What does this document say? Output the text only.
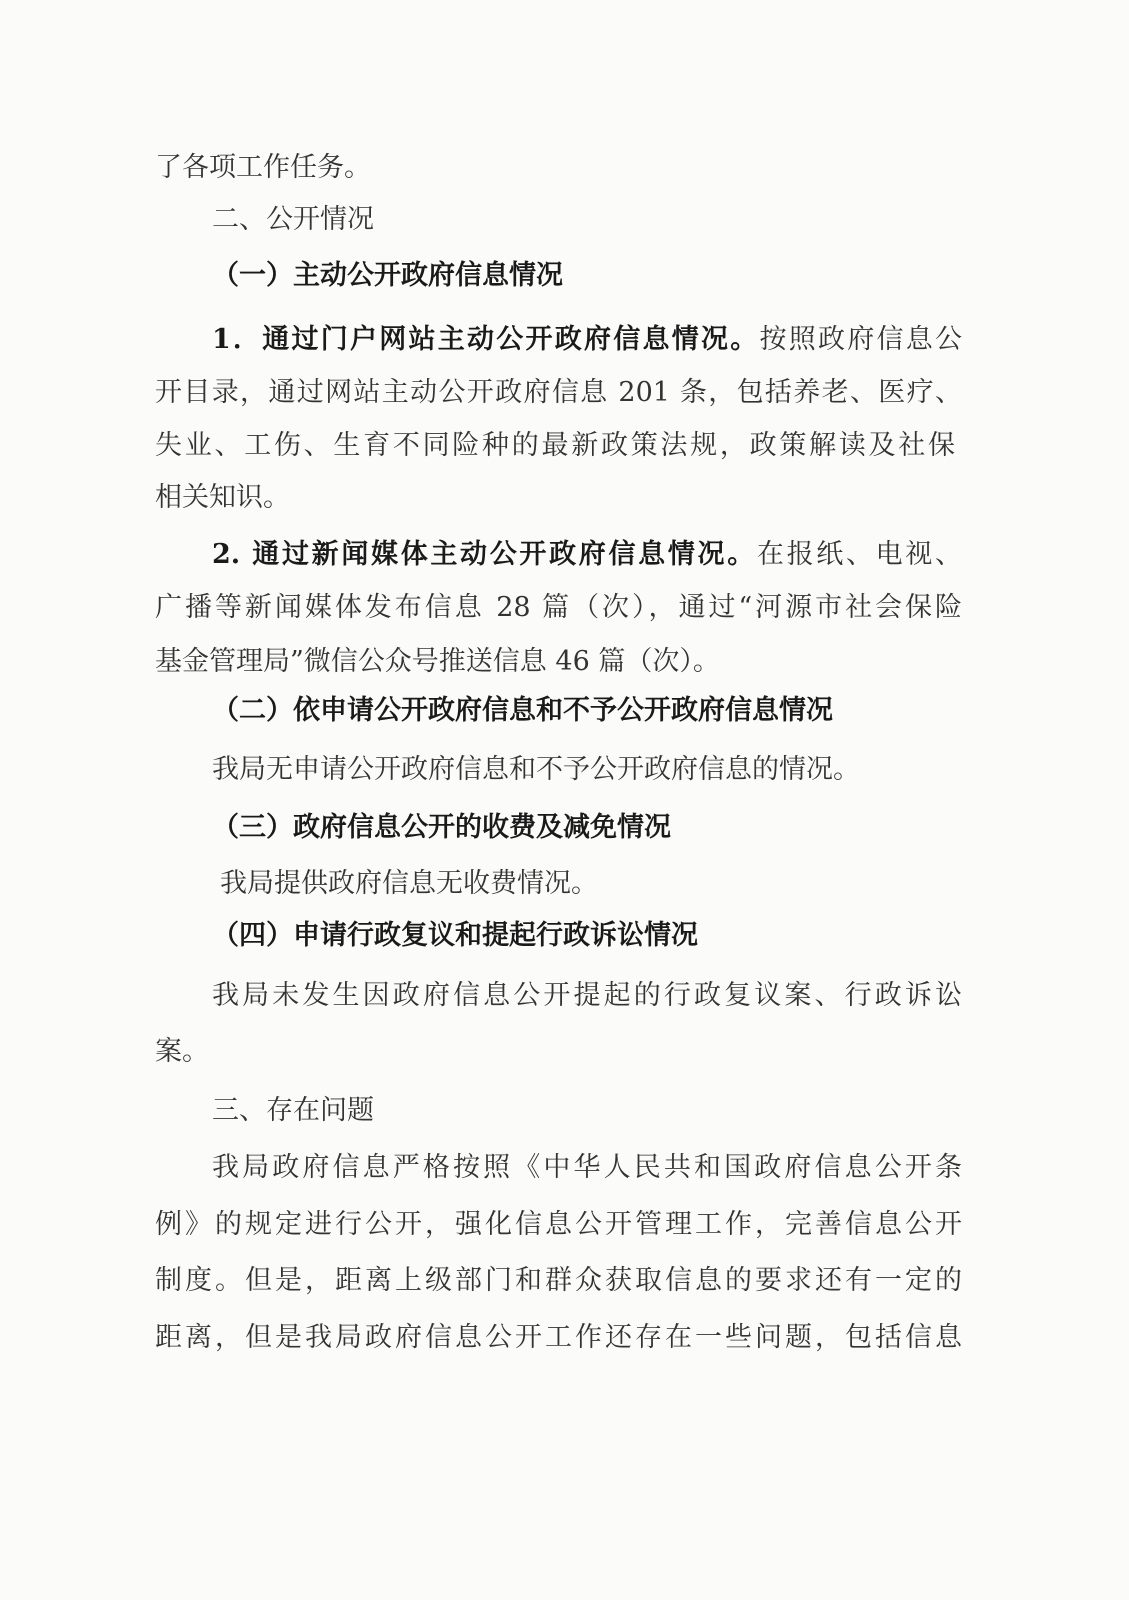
了各项工作任务。
二、公开情况
（一）主动公开政府信息情况
1．通过门户网站主动公开政府信息情况。按照政府信息公
开目录，通过网站主动公开政府信息 201 条，包括养老、医疗、
失业、工伤、生育不同险种的最新政策法规，政策解读及社保
相关知识。
2. 通过新闻媒体主动公开政府信息情况。在报纸、电视、
广播等新闻媒体发布信息 28 篇（次），通过“河源市社会保险
基金管理局”微信公众号推送信息 46 篇（次）。
（二）依申请公开政府信息和不予公开政府信息情况
我局无申请公开政府信息和不予公开政府信息的情况。
（三）政府信息公开的收费及减免情况
我局提供政府信息无收费情况。
（四）申请行政复议和提起行政诉讼情况
我局未发生因政府信息公开提起的行政复议案、行政诉讼
案。
三、存在问题
我局政府信息严格按照《中华人民共和国政府信息公开条
例》的规定进行公开，强化信息公开管理工作，完善信息公开
制度。但是，距离上级部门和群众获取信息的要求还有一定的
距离，但是我局政府信息公开工作还存在一些问题，包括信息
